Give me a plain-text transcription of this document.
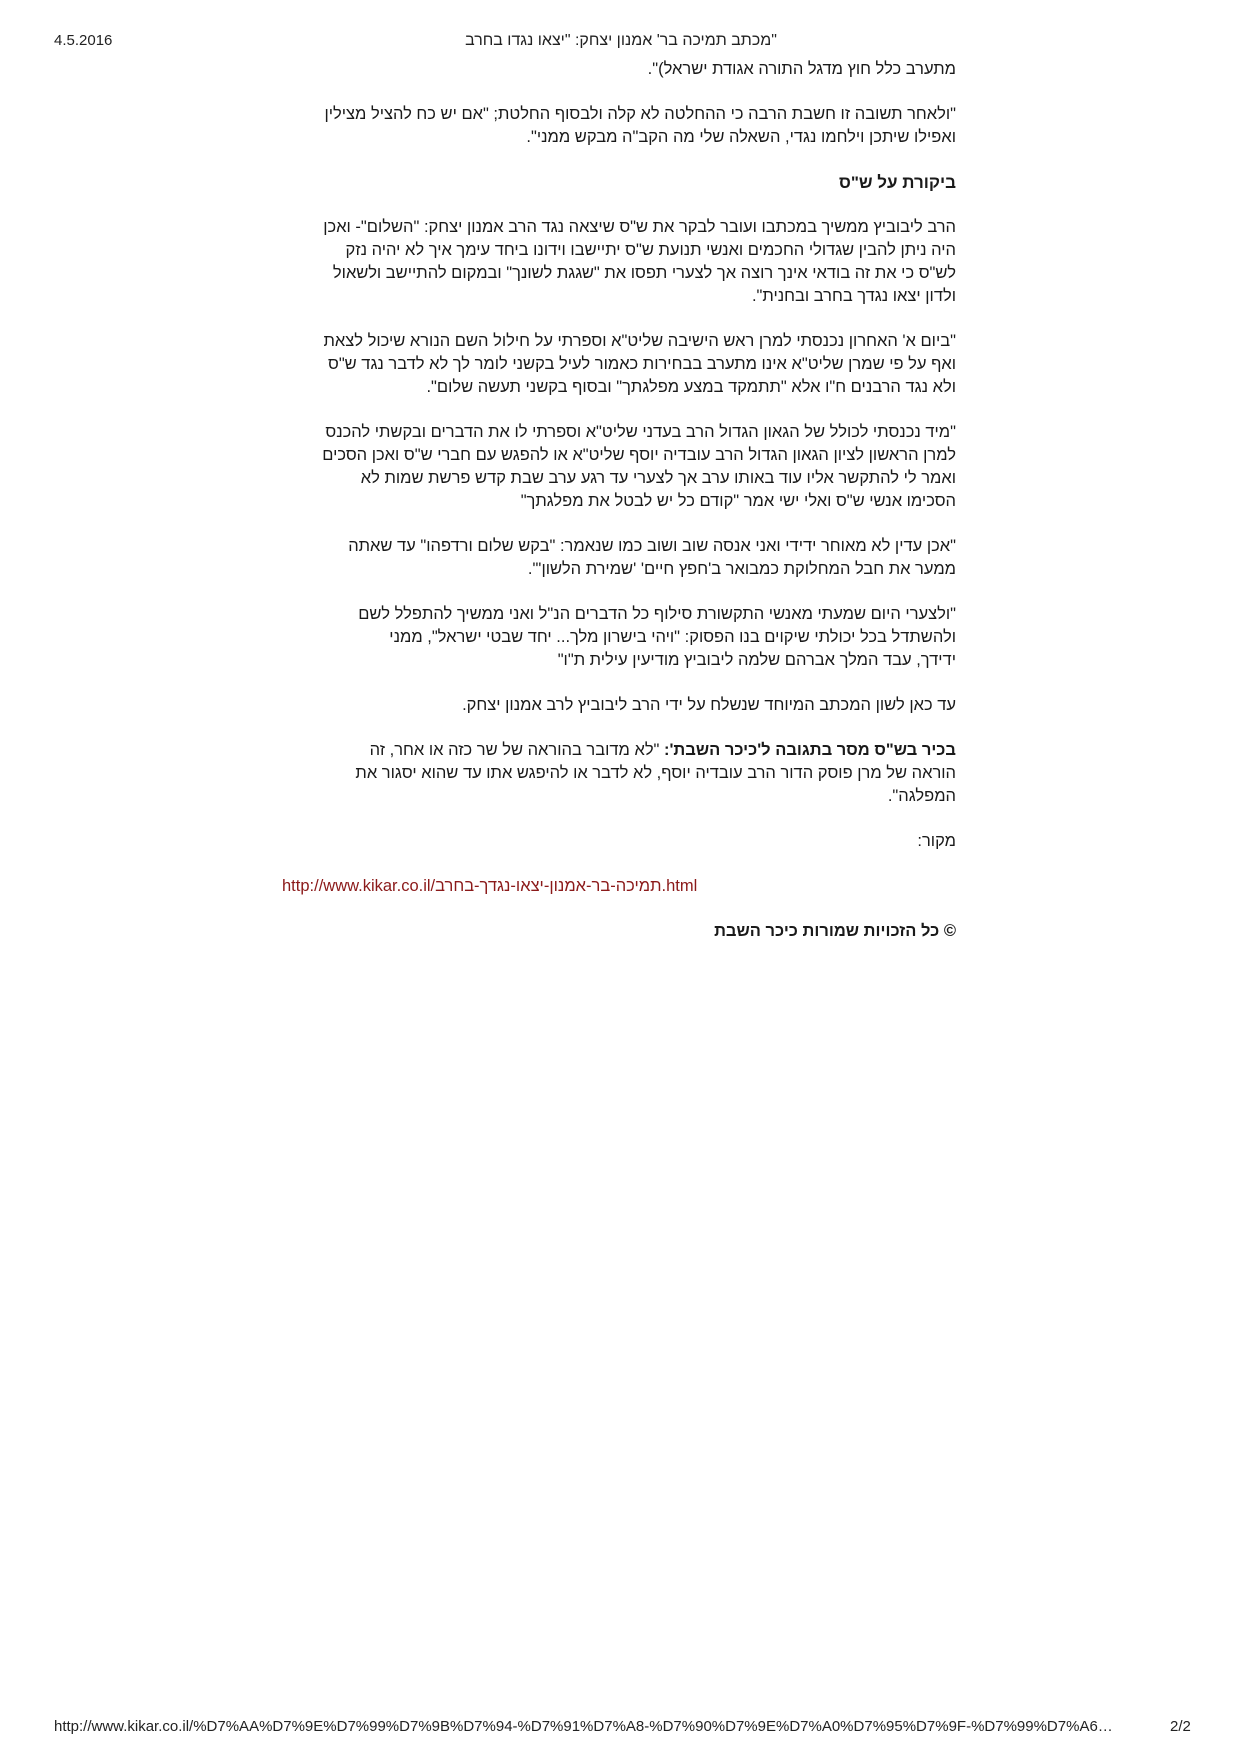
4.5.2016	"מכתב תמיכה בר' אמנון יצחק: "יצאו נגדו בחרב

מתערב כלל חוץ מדגל התורה אגודת ישראל)".

"ולאחר תשובה זו חשבת הרבה כי ההחלטה לא קלה ולבסוף החלטת; "אם יש כח להציל מצילין
ואפילו שיתכן וילחמו נגדי, השאלה שלי מה הקב"ה מבקש ממני".

ביקורת על ש"ס

הרב ליבוביץ ממשיך במכתבו ועובר לבקר את ש"ס שיצאה נגד הרב אמנון יצחק: "השלום"- ואכן
היה ניתן להבין שגדולי החכמים ואנשי תנועת ש"ס יתיישבו וידונו ביחד עימך איך לא יהיה נזק
לש"ס כי את זה בודאי אינך רוצה אך לצערי תפסו את "שגגת לשונך" ובמקום להתיישב ולשאול
ולדון יצאו נגדך בחרב ובחנית".

"ביום א' האחרון נכנסתי למרן ראש הישיבה שליט"א וספרתי על חילול השם הנורא שיכול לצאת
ואף על פי שמרן שליט"א אינו מתערב בבחירות כאמור לעיל בקשני לומר לך לא לדבר נגד ש"ס
ולא נגד הרבנים ח"ו אלא "תתמקד במצע מפלגתך" ובסוף בקשני תעשה שלום".

"מיד נכנסתי לכולל של הגאון הגדול הרב בעדני שליט"א וספרתי לו את הדברים ובקשתי להכנס
למרן הראשון לציון הגאון הגדול הרב עובדיה יוסף שליט"א או להפגש עם חברי ש"ס ואכן הסכים
ואמר לי להתקשר אליו עוד באותו ערב אך לצערי עד רגע ערב שבת קדש פרשת שמות לא
הסכימו אנשי ש"ס ואלי ישי אמר "קודם כל יש לבטל את מפלגתך"

"אכן עדין לא מאוחר ידידי ואני אנסה שוב ושוב כמו שנאמר: "בקש שלום ורדפהו" עד שאתה
ממער את חבל המחלוקת כמבואר ב'חפץ חיים' 'שמירת הלשון'".

"ולצערי היום שמעתי מאנשי התקשורת סילוף כל הדברים הנ"ל ואני ממשיך להתפלל לשם
ולהשתדל בכל יכולתי שיקוים בנו הפסוק: "ויהי בישרון מלך... יחד שבטי ישראל", ממני
ידידך, עבד המלך אברהם שלמה ליבוביץ מודיעין עילית ת"ו"

עד כאן לשון המכתב המיוחד שנשלח על ידי הרב ליבוביץ לרב אמנון יצחק.

בכיר בש"ס מסר בתגובה ל'כיכר השבת': "לא מדובר בהוראה של שר כזה או אחר, זה
הוראה של מרן פוסק הדור הרב עובדיה יוסף, לא לדבר או להיפגש אתו עד שהוא יסגור את
המפלגה".

מקור:

http://www.kikar.co.il/תמיכה-בר-אמנון-יצאו-נגדך-בחרב.html

© כל הזכויות שמורות כיכר השבת

http://www.kikar.co.il/%D7%AA%D7%9E%D7%99%D7%9B%D7%94-%D7%91%D7%A8-%D7%90%D7%9E%D7%A0%D7%95%D7%9F-%D7%99%D7%A6…	2/2
